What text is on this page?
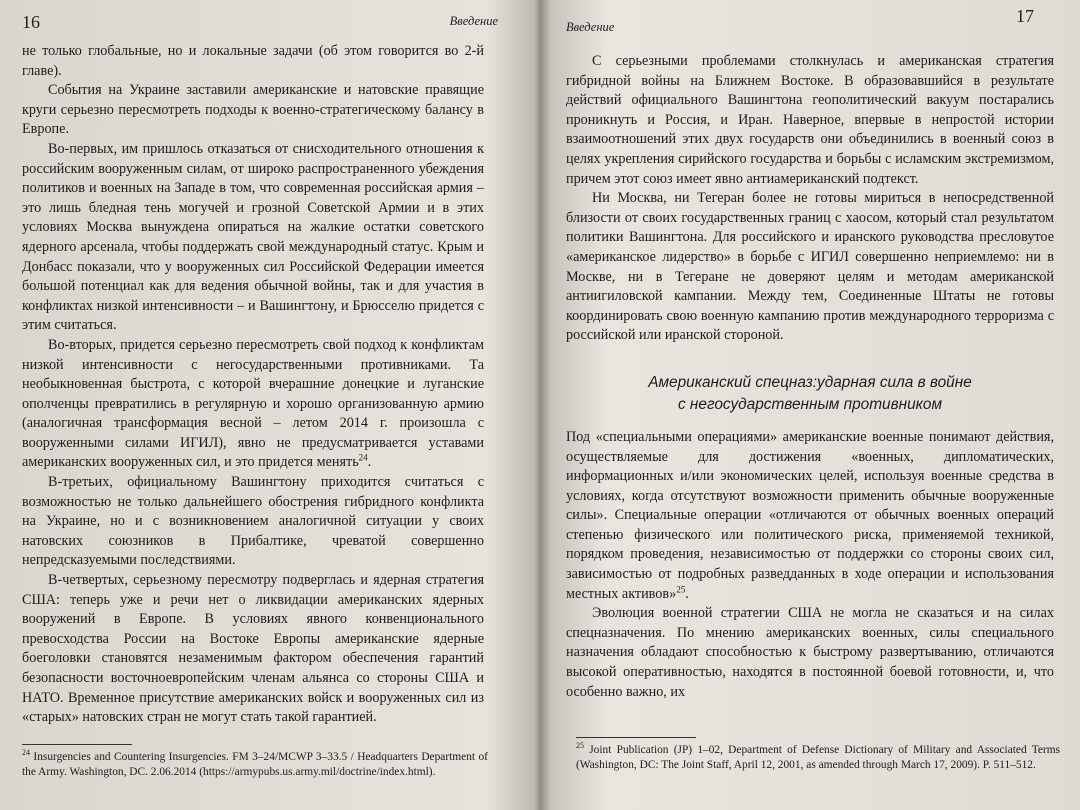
16	Введение

не только глобальные, но и локальные задачи (об этом говорится во 2-й главе).

События на Украине заставили американские и натовские правящие круги серьезно пересмотреть подходы к военно-стратегическому балансу в Европе.

Во-первых, им пришлось отказаться от снисходительного отношения к российским вооруженным силам, от широко распространенного убеждения политиков и военных на Западе в том, что современная российская армия – это лишь бледная тень могучей и грозной Советской Армии и в этих условиях Москва вынуждена опираться на жалкие остатки советского ядерного арсенала, чтобы поддержать свой международный статус. Крым и Донбасс показали, что у вооруженных сил Российской Федерации имеется большой потенциал как для ведения обычной войны, так и для участия в конфликтах низкой интенсивности – и Вашингтону, и Брюсселю придется с этим считаться.

Во-вторых, придется серьезно пересмотреть свой подход к конфликтам низкой интенсивности с негосударственными противниками. Та необыкновенная быстрота, с которой вчерашние донецкие и луганские ополченцы превратились в регулярную и хорошо организованную армию (аналогичная трансформация весной – летом 2014 г. произошла с вооруженными силами ИГИЛ), явно не предусматривается уставами американских вооруженных сил, и это придется менять$^{24}$.

В-третьих, официальному Вашингтону приходится считаться с возможностью не только дальнейшего обострения гибридного конфликта на Украине, но и с возникновением аналогичной ситуации у своих натовских союзников в Прибалтике, чреватой совершенно непредсказуемыми последствиями.

В-четвертых, серьезному пересмотру подверглась и ядерная стратегия США: теперь уже и речи нет о ликвидации американских ядерных вооружений в Европе. В условиях явного конвенционального превосходства России на Востоке Европы американские ядерные боеголовки становятся незаменимым фактором обеспечения гарантий безопасности восточноевропейским членам альянса со стороны США и НАТО. Временное присутствие американских войск и вооруженных сил из «старых» натовских стран не могут стать такой гарантией.

$^{24}$ Insurgencies and Countering Insurgencies. FM 3–24/MCWP 3–33.5 / Headquarters Department of the Army. Washington, DC. 2.06.2014 (https://armypubs.us.army.mil/doctrine/index.html).
Введение
17

С серьезными проблемами столкнулась и американская стратегия гибридной войны на Ближнем Востоке. В образовавшийся в результате действий официального Вашингтона геополитический вакуум постарались проникнуть и Россия, и Иран. Наверное, впервые в непростой истории взаимоотношений этих двух государств они объединились в военный союз в целях укрепления сирийского государства и борьбы с исламским экстремизмом, причем этот союз имеет явно антиамериканский подтекст.

Ни Москва, ни Тегеран более не готовы мириться в непосредственной близости от своих государственных границ с хаосом, который стал результатом политики Вашингтона. Для российского и иранского руководства пресловутое «американское лидерство» в борьбе с ИГИЛ совершенно неприемлемо: ни в Москве, ни в Тегеране не доверяют целям и методам американской антиигиловской кампании. Между тем, Соединенные Штаты не готовы координировать свою военную кампанию против международного терроризма с российской или иранской стороной.

Американский спецназ:ударная сила в войне
с негосударственным противником

Под «специальными операциями» американские военные понимают действия, осуществляемые для достижения «военных, дипломатических, информационных и/или экономических целей, используя военные средства в условиях, когда отсутствуют возможности применить обычные вооруженные силы». Специальные операции «отличаются от обычных военных операций степенью физического или политического риска, применяемой техникой, порядком проведения, независимостью от поддержки со стороны своих сил, зависимостью от подробных разведданных в ходе операции и использования местных активов»$^{25}$.

Эволюция военной стратегии США не могла не сказаться и на силах спецназначения. По мнению американских военных, силы специального назначения обладают способностью к быстрому развертыванию, отличаются высокой оперативностью, находятся в постоянной боевой готовности, и, что особенно важно, их

$^{25}$ Joint Publication (JP) 1–02, Department of Defense Dictionary of Military and Associated Terms (Washington, DC: The Joint Staff, April 12, 2001, as amended through March 17, 2009). P. 511–512.
